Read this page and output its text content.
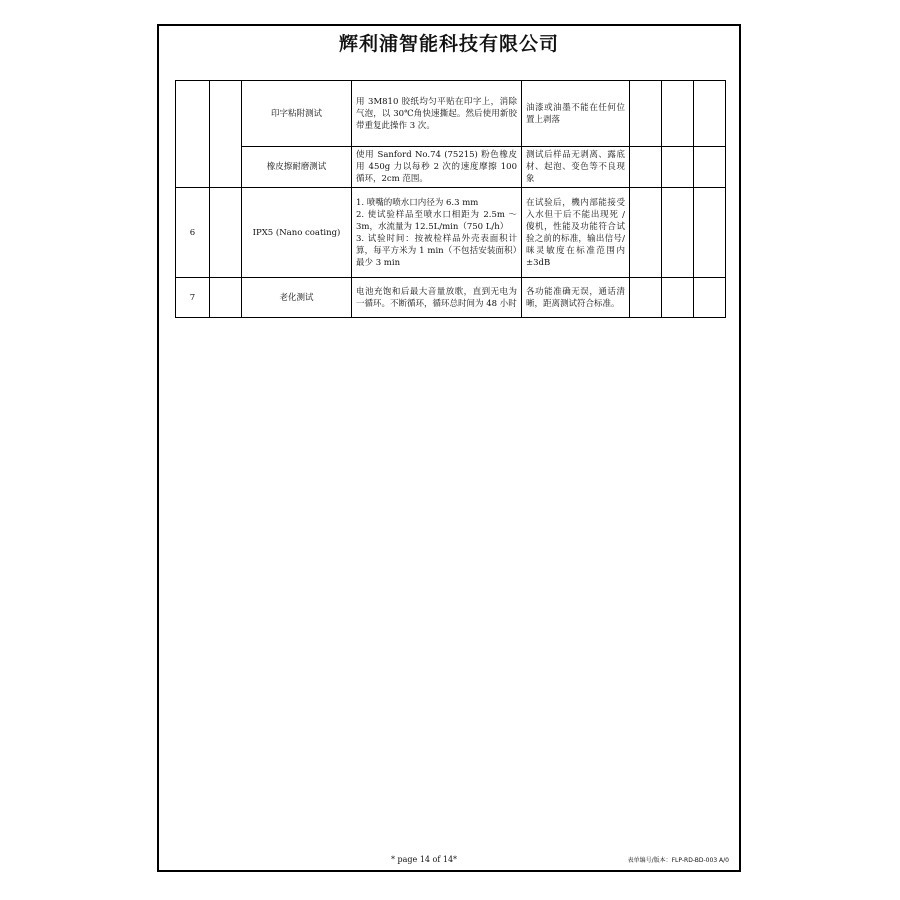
辉利浦智能科技有限公司
		印字粘附测试	用 3M810 胶纸均匀平贴在印字上，消除气泡，以 30℃角快速撕起。然后使用新胶带重复此操作 3 次。	油漆或油墨不能在任何位置上剥落			
		橡皮擦耐磨测试	使用 Sanford No.74 (75215) 粉色橡皮用 450g 力以每秒 2 次的速度摩擦 100 循环，2cm 范围。	测试后样品无剥离、露底材、起泡、变色等不良现象			
6		IPX5 (Nano coating)	1. 喷嘴的喷水口内径为 6.3 mm
2. 使试验样品至喷水口相距为 2.5m ～ 3m，水流量为 12.5L/min（750 L/h）
3. 试验时间：按被检样品外壳表面积计算，每平方米为 1 min（不包括安装面积）最少 3 min	在试验后，機内部能接受入水但干后不能出现死 / 傻机，性能及功能符合试验之前的标准，输出信号/咪灵敏度在标准范围内±3dB			
7		老化测试	电池充饱和后最大音量放歌，直到无电为一循环。不断循环，循环总时间为 48 小时	各功能准确无误，通话清晰，距离测试符合标准。			
* page 14 of 14*	表单编号/版本：FLP-RD-BD-003 A/0
